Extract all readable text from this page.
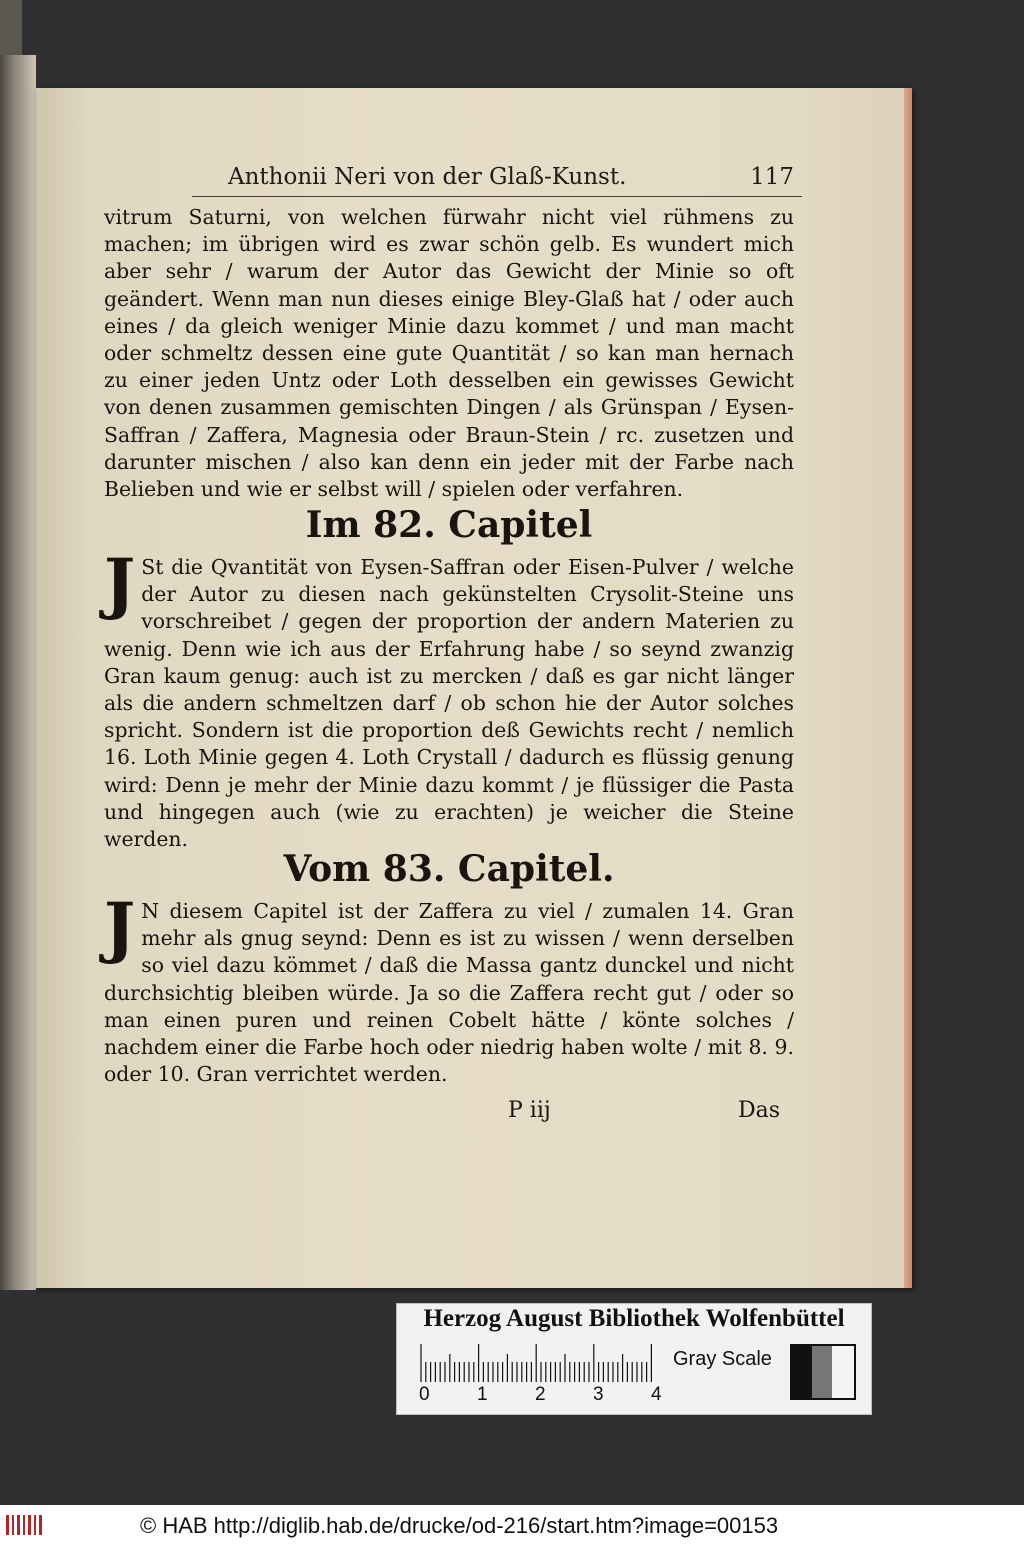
Anthonii Neri von der Glaß-Kunst.	117
vitrum Saturni, von welchen fürwahr nicht viel rühmens zu machen; im übrigen wird es zwar schön gelb. Es wundert mich aber sehr / warum der Autor das Gewicht der Minie so oft geändert. Wenn man nun dieses einige Bley-Glaß hat / oder auch eines / da gleich weniger Minie dazu kommet / und man macht oder schmeltz dessen eine gute Quantität / so kan man hernach zu einer jeden Untz oder Loth desselben ein gewisses Gewicht von denen zusammen gemischten Dingen / als Grünspan / Eysen-Saffran / Zaffera, Magnesia oder Braun-Stein / rc. zusetzen und darunter mischen / also kan denn ein jeder mit der Farbe nach Belieben und wie er selbst will / spielen oder verfahren.
Im 82. Capitel
J St die Qvantität von Eysen-Saffran oder Eisen-Pulver / welche der Autor zu diesen nach gekünstelten Crysolit-Steine uns vorschreibet / gegen der proportion der andern Materien zu wenig. Denn wie ich aus der Erfahrung habe / so seynd zwanzig Gran kaum genug: auch ist zu mercken / daß es gar nicht länger als die andern schmeltzen darf / ob schon hie der Autor solches spricht. Sondern ist die proportion deß Gewichts recht / nemlich 16. Loth Minie gegen 4. Loth Crystall / dadurch es flüssig genung wird: Denn je mehr der Minie dazu kommt / je flüssiger die Pasta und hingegen auch (wie zu erachten) je weicher die Steine werden.
Vom 83. Capitel.
J N diesem Capitel ist der Zaffera zu viel / zumalen 14. Gran mehr als gnug seynd: Denn es ist zu wissen / wenn derselben so viel dazu kömmet / daß die Massa gantz dunckel und nicht durchsichtig bleiben würde. Ja so die Zaffera recht gut / oder so man einen puren und reinen Cobelt hätte / könte solches / nachdem einer die Farbe hoch oder niedrig haben wolte / mit 8. 9. oder 10. Gran verrichtet werden.
P iij	Das
Herzog August Bibliothek Wolfenbüttel
0 1 2 3 4
Gray Scale
© HAB http://diglib.hab.de/drucke/od-216/start.htm?image=00153
